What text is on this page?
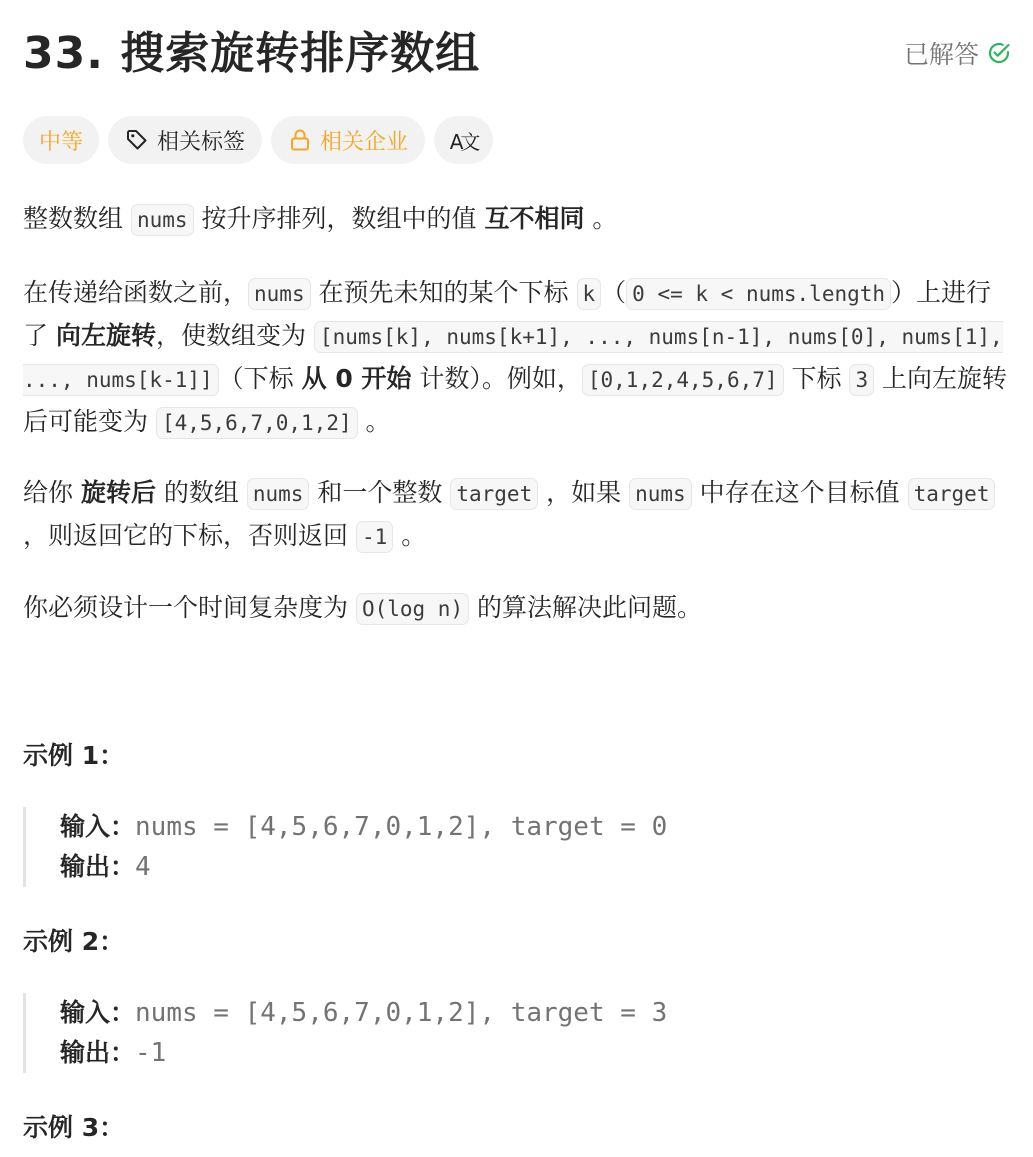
33. 搜索旋转排序数组	已解答
中等	相关标签	相关企业 A文
整数数组 nums 按升序排列，数组中的值 互不相同 。
在传递给函数之前， nums 在预先未知的某个下标 k （ 0 <= k < nums.length ）上进行了 向左旋转，使数组变为 [nums[k], nums[k+1], ..., nums[n-1], nums[0], nums[1], ..., nums[k-1]] （下标 从 0 开始 计数）。例如， [0,1,2,4,5,6,7] 下标 3 上向左旋转后可能变为 [4,5,6,7,0,1,2] 。
给你 旋转后 的数组 nums 和一个整数 target ，如果 nums 中存在这个目标值 target ，则返回它的下标，否则返回 -1 。
你必须设计一个时间复杂度为 O(log n) 的算法解决此问题。
示例 1：
输入：nums = [4,5,6,7,0,1,2], target = 0
输出：4
示例 2：
输入：nums = [4,5,6,7,0,1,2], target = 3
输出：-1
示例 3：
